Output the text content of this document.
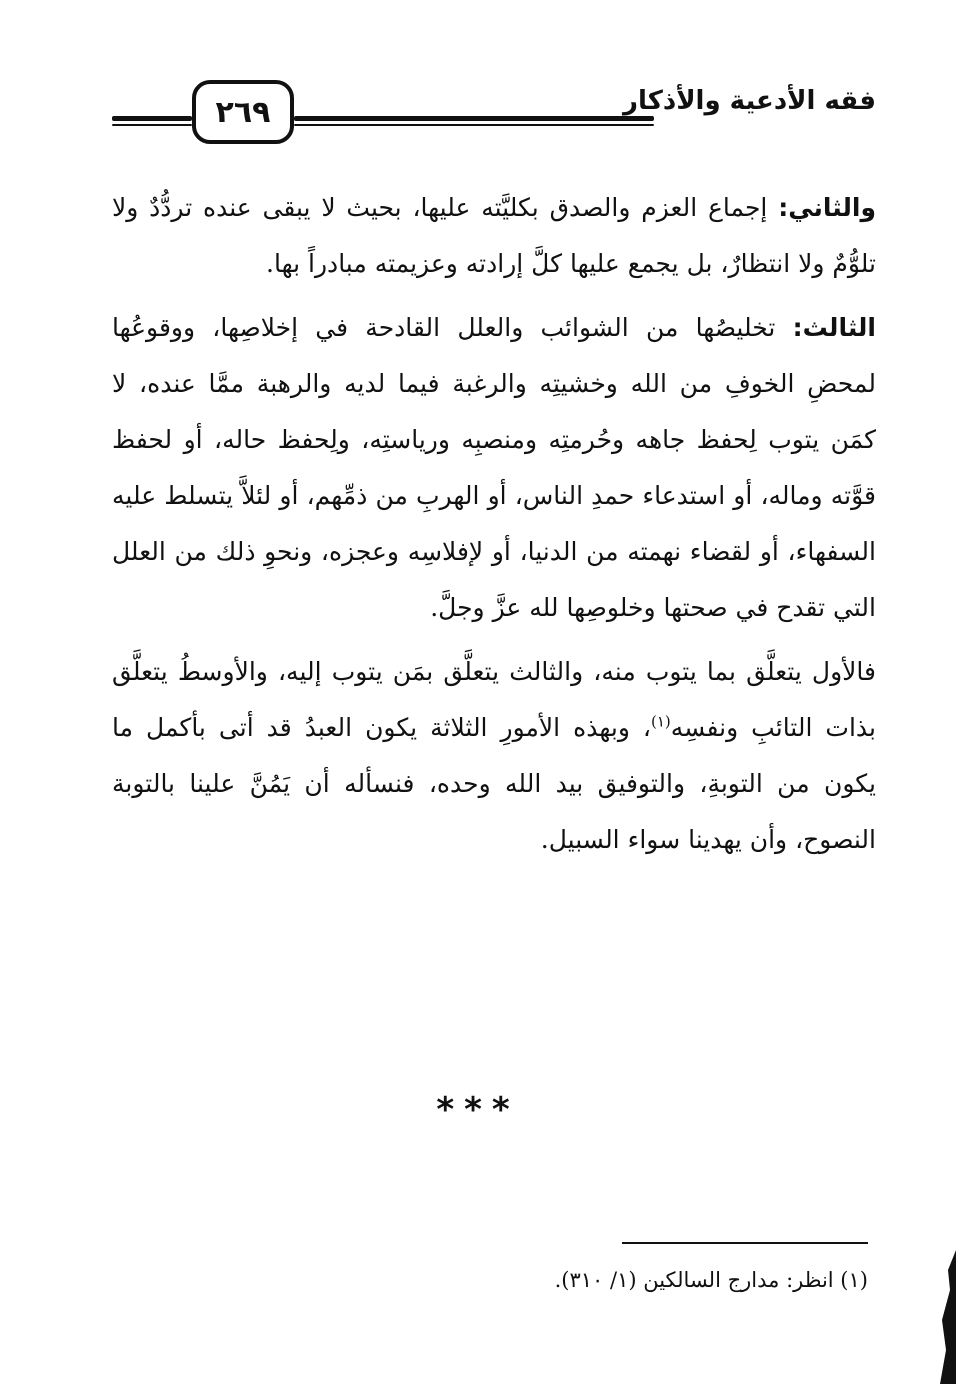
فقه الأدعية والأذكار
٢٦٩

والثاني: إجماع العزم والصدق بكليَّته عليها، بحيث لا يبقى عنده تردُّدٌ ولا تلوُّمٌ ولا انتظارٌ، بل يجمع عليها كلَّ إرادته وعزيمته مبادراً بها.

الثالث: تخليصُها من الشوائب والعلل القادحة في إخلاصِها، ووقوعُها لمحضِ الخوفِ من الله وخشيتِه والرغبة فيما لديه والرهبة ممَّا عنده، لا كمَن يتوب لِحفظ جاهه وحُرمتِه ومنصبِه ورياستِه، ولِحفظ حاله، أو لحفظ قوَّته وماله، أو استدعاء حمدِ الناس، أو الهربِ من ذمِّهم، أو لئلاَّ يتسلط عليه السفهاء، أو لقضاء نهمته من الدنيا، أو لإفلاسِه وعجزه، ونحوِ ذلك من العلل التي تقدح في صحتها وخلوصِها لله عزَّ وجلَّ.

فالأول يتعلَّق بما يتوب منه، والثالث يتعلَّق بمَن يتوب إليه، والأوسطُ يتعلَّق بذات التائبِ ونفسِه$^{(١)}$، وبهذه الأمورِ الثلاثة يكون العبدُ قد أتى بأكمل ما يكون من التوبةِ، والتوفيق بيد الله وحده، فنسأله أن يَمُنَّ علينا بالتوبة النصوح، وأن يهدينا سواء السبيل.

***
(١) انظر: مدارج السالكين (١/ ٣١٠).
